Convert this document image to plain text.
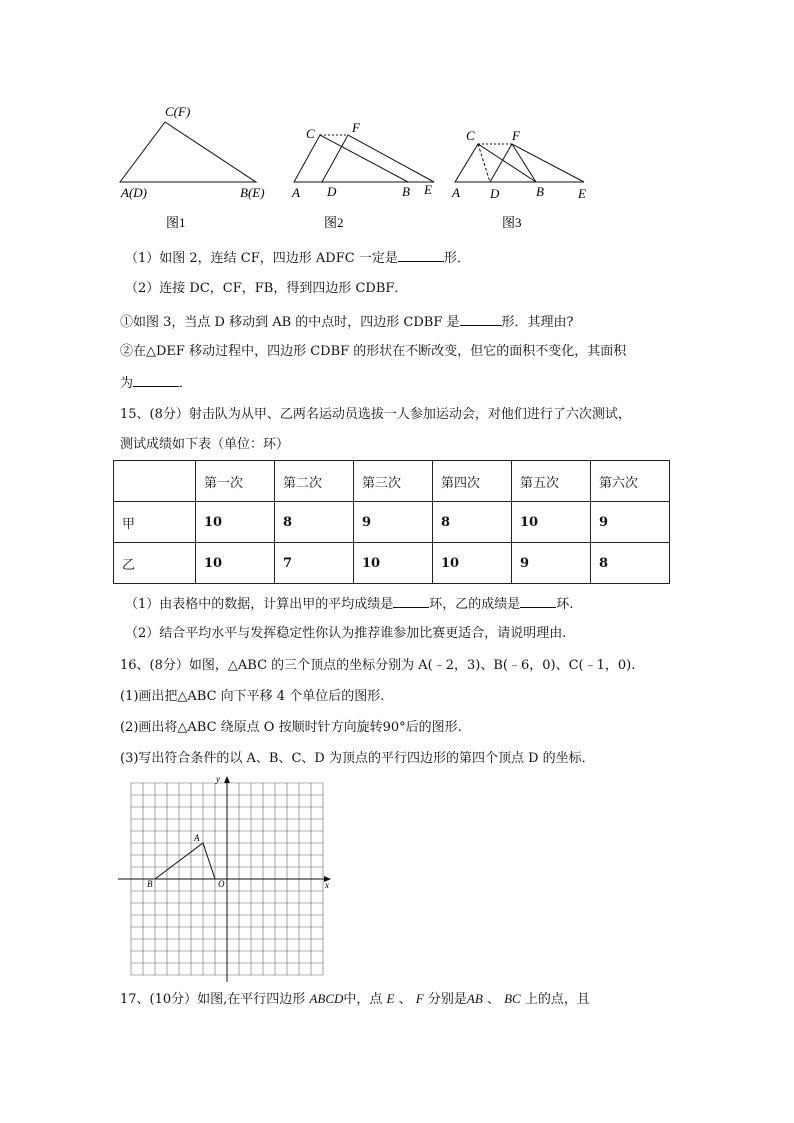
C(F)
A(D)	B(E)
C	F
A D	B E
C	F
A D	B	E
图1	图2	图3
（1）如图 2，连结 CF，四边形 ADFC 一定是	形．
（2）连接 DC，CF，FB，得到四边形 CDBF．
①如图 3，当点 D 移动到 AB 的中点时，四边形 CDBF 是	形．其理由?
②在△DEF 移动过程中，四边形 CDBF 的形状在不断改变，但它的面积不变化，其面积
为	．
15、(8分）射击队为从甲、乙两名运动员选拔一人参加运动会，对他们进行了六次测试，
测试成绩如下表（单位：环）
	第一次	第二次	第三次	第四次	第五次	第六次
甲	10	8	9	8	10	9
乙	10	7	10	10	9	8
（1）由表格中的数据，计算出甲的平均成绩是	环，乙的成绩是	环.
（2）结合平均水平与发挥稳定性你认为推荐谁参加比赛更适合，请说明理由.
16、(8分）如图，△ABC 的三个顶点的坐标分别为 A(﹣2，3)、B(﹣6，0)、C(﹣1，0).
(1)画出把△ABC 向下平移 4 个单位后的图形.
(2)画出将△ABC 绕原点 O 按顺时针方向旋转90°后的图形.
(3)写出符合条件的以 A、B、C、D 为顶点的平行四边形的第四个顶点 D 的坐标．
y
x
A
B	O
17、(10分）如图,在平行四边形 ABCD中，点 E 、 F 分别是AB 、 BC 上的点，且
